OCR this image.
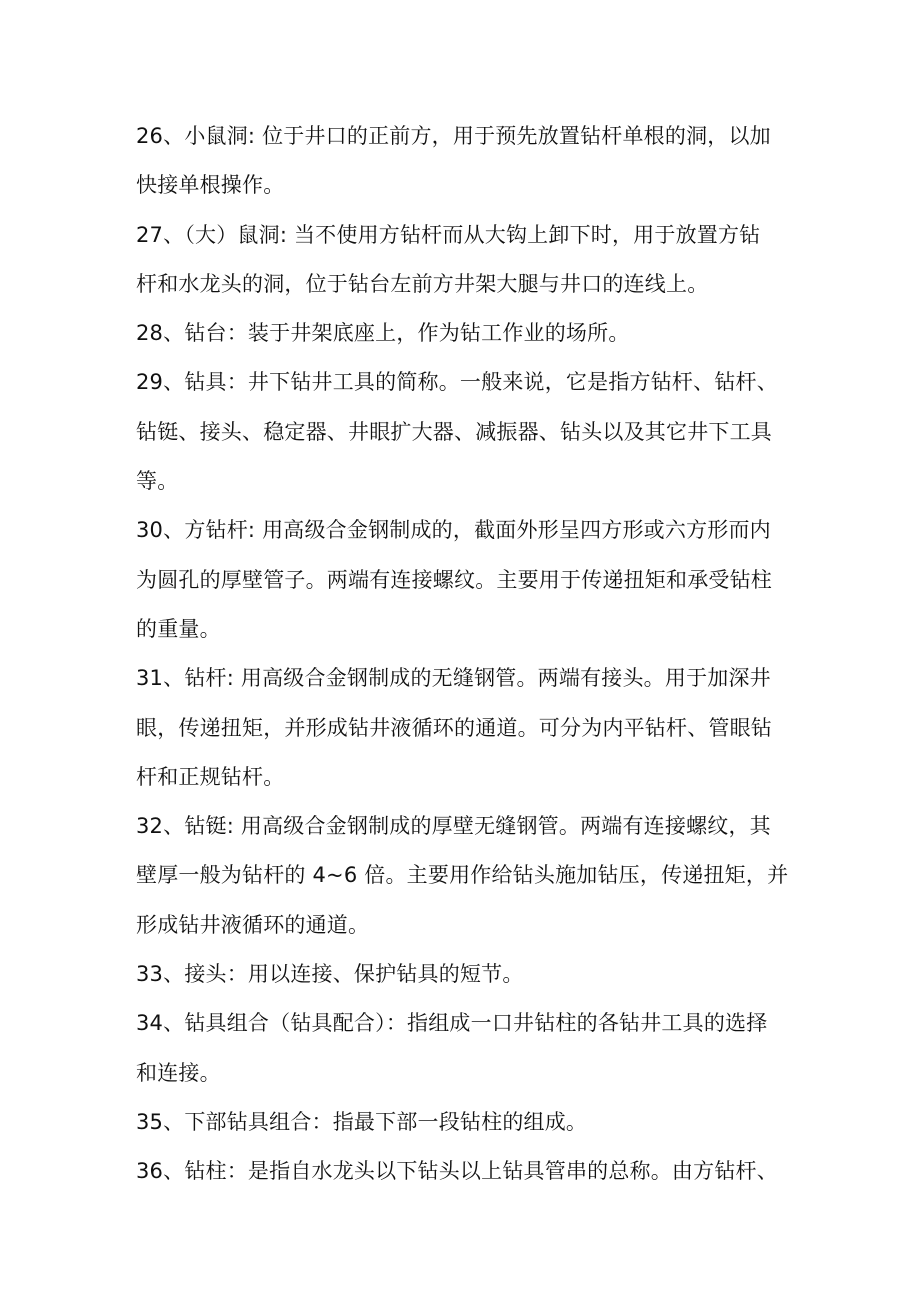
26、小鼠洞: 位于井口的正前方，用于预先放置钻杆单根的洞，以加
快接单根操作。
27、（大）鼠洞: 当不使用方钻杆而从大钩上卸下时，用于放置方钻
杆和水龙头的洞，位于钻台左前方井架大腿与井口的连线上。
28、钻台：装于井架底座上，作为钻工作业的场所。
29、钻具：井下钻井工具的简称。一般来说，它是指方钻杆、钻杆、
钻铤、接头、稳定器、井眼扩大器、减振器、钻头以及其它井下工具
等。
30、方钻杆: 用高级合金钢制成的，截面外形呈四方形或六方形而内
为圆孔的厚壁管子。两端有连接螺纹。主要用于传递扭矩和承受钻柱
的重量。
31、钻杆: 用高级合金钢制成的无缝钢管。两端有接头。用于加深井
眼，传递扭矩，并形成钻井液循环的通道。可分为内平钻杆、管眼钻
杆和正规钻杆。
32、钻铤: 用高级合金钢制成的厚壁无缝钢管。两端有连接螺纹，其
壁厚一般为钻杆的 4~6 倍。主要用作给钻头施加钻压，传递扭矩，并
形成钻井液循环的通道。
33、接头：用以连接、保护钻具的短节。
34、钻具组合（钻具配合）：指组成一口井钻柱的各钻井工具的选择
和连接。
35、下部钻具组合：指最下部一段钻柱的组成。
36、钻柱：是指自水龙头以下钻头以上钻具管串的总称。由方钻杆、
